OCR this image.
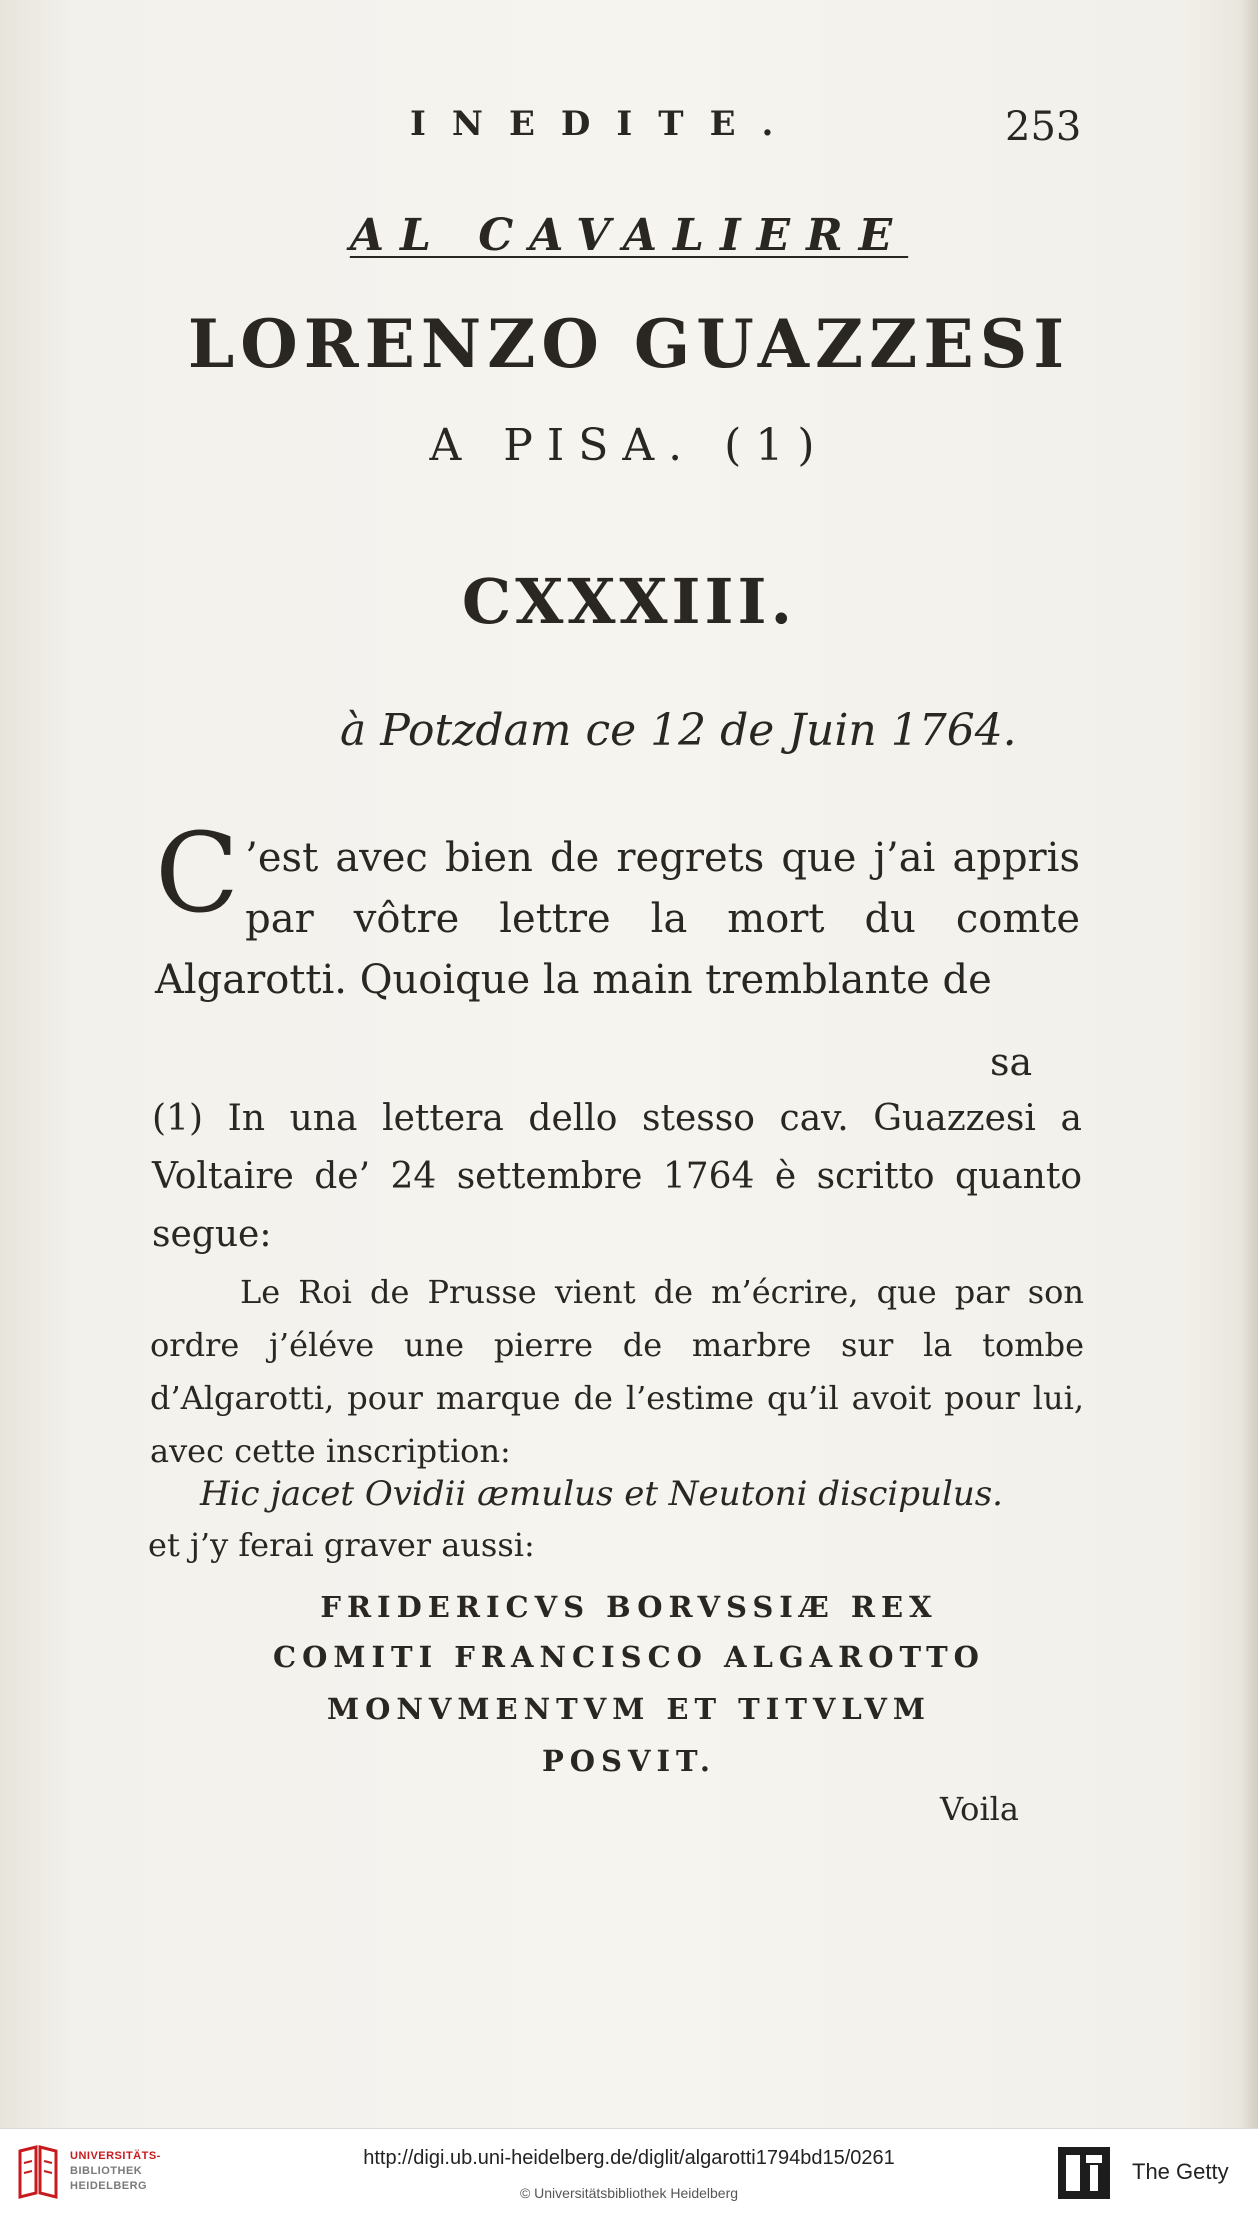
INEDITE.	253
AL CAVALIERE
LORENZO GUAZZESI
A PISA. (1)
CXXXIII.
à Potzdam ce 12 de Juin 1764.
C ’est avec bien de regrets que j’ai appris par vôtre lettre la mort du comte Algarotti. Quoique la main tremblante de
sa
(1) In una lettera dello stesso cav. Guazzesi a Voltaire de’ 24 settembre 1764 è scritto quanto segue:
Le Roi de Prusse vient de m’écrire, que par son ordre j’éléve une pierre de marbre sur la tombe d’Algarotti, pour marque de l’estime qu’il avoit pour lui, avec cette inscription:
Hic jacet Ovidii æmulus et Neutoni discipulus.
et j’y ferai graver aussi:
FRIDERICVS BORVSSIÆ REX
COMITI FRANCISCO ALGAROTTO
MONVMENTVM ET TITVLVM
POSVIT.
Voila
UNIVERSITÄTS-
BIBLIOTHEK
HEIDELBERG
http://digi.ub.uni-heidelberg.de/diglit/algarotti1794bd15/0261
© Universitätsbibliothek Heidelberg
The Getty
